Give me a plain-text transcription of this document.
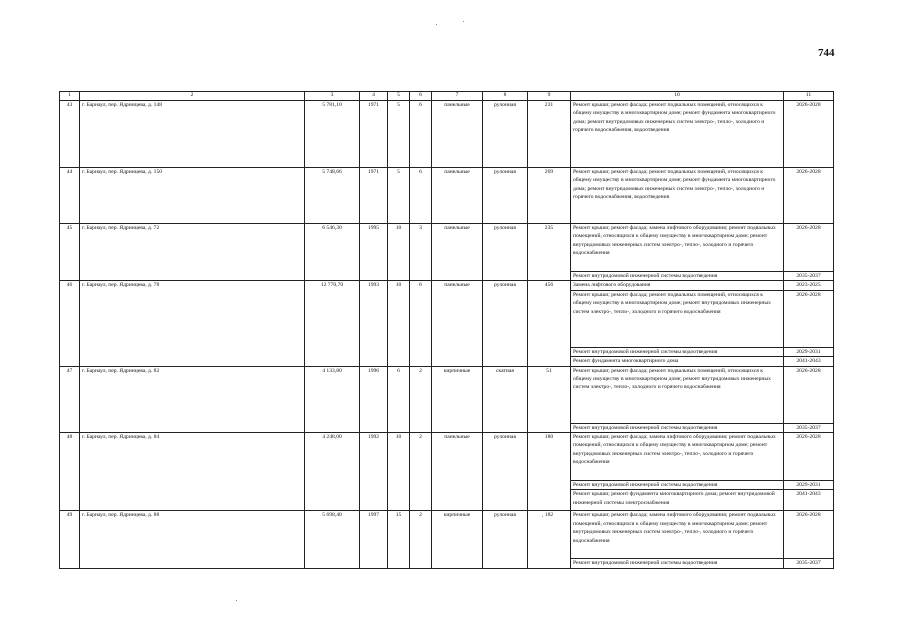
744
1	2	3	4	5	6	7	8	9	10	11
43	г. Барнаул, пер. Ядринцева, д. 148	5 781,10	1971	5	6	панельные	рулонная	231	Ремонт крыши; ремонт фасада; ремонт подвальных помещений, относящихся к общему имуществу в многоквартирном доме; ремонт фундамента многоквартирного дома; ремонт внутридомовых инженерных систем электро-, тепло-, холодного и горячего водоснабжения, водоотведения	2026-2028
44	г. Барнаул, пер. Ядринцева, д. 150	5 748,66	1971	5	6	панельные	рулонная	269	Ремонт крыши; ремонт фасада; ремонт подвальных помещений, относящихся к общему имуществу в многоквартирном доме; ремонт фундамента многоквартирного дома; ремонт внутридомовых инженерных систем электро-, тепло-, холодного и горячего водоснабжения, водоотведения	2026-2028
45	г. Барнаул, пер. Ядринцева, д. 72	6 546,30	1995	10	3	панельные	рулонная	235	Ремонт крыши; ремонт фасада; замена лифтового оборудования; ремонт подвальных помещений, относящихся к общему имуществу в многоквартирном доме; ремонт внутридомовых инженерных систем электро-, тепло-, холодного и горячего водоснабжения	2026-2028
									Ремонт внутридомовой инженерной системы водоотведения	2035-2037
46	г. Барнаул, пер. Ядринцева, д. 78	12 770,70	1993	10	6	панельные	рулонная	456	Замена лифтового оборудования	2023-2025
									Ремонт крыши; ремонт фасада; ремонт подвальных помещений, относящихся к общему имуществу в многоквартирном доме; ремонт внутридомовых инженерных систем электро-, тепло-, холодного и горячего водоснабжения	2026-2028
									Ремонт внутридомовой инженерной системы водоотведения	2029-2031
									Ремонт фундамента многоквартирного дома	2041-2043
47	г. Барнаул, пер. Ядринцева, д. 82	4 133,80	1996	6	2	кирпичные	скатная	51	Ремонт крыши; ремонт фасада; ремонт подвальных помещений, относящихся к общему имуществу в многоквартирном доме; ремонт внутридомовых инженерных систем электро-, тепло-, холодного и горячего водоснабжения	2026-2028
									Ремонт внутридомовой инженерной системы водоотведения	2035-2037
48	г. Барнаул, пер. Ядринцева, д. 84	4 248,00	1992	10	2	панельные	рулонная	180	Ремонт крыши; ремонт фасада; замена лифтового оборудования; ремонт подвальных помещений, относящихся к общему имуществу в многоквартирном доме; ремонт внутридомовых инженерных систем электро-, тепло-, холодного и горячего водоснабжения	2026-2028
									Ремонт внутридомовой инженерной системы водоотведения	2029-2031
									Ремонт крыши; ремонт фундамента многоквартирного дома; ремонт внутридомовой инженерной системы электроснабжения	2041-2043
49	г. Барнаул, пер. Ядринцева, д. 88	5 698,40	1997	15	2	кирпичные	рулонная	182	Ремонт крыши; ремонт фасада; замена лифтового оборудования; ремонт подвальных помещений, относящихся к общему имуществу в многоквартирном доме; ремонт внутридомовых инженерных систем электро-, тепло-, холодного и горячего водоснабжения	2026-2028
									Ремонт внутридомовой инженерной системы водоотведения	2035-2037
